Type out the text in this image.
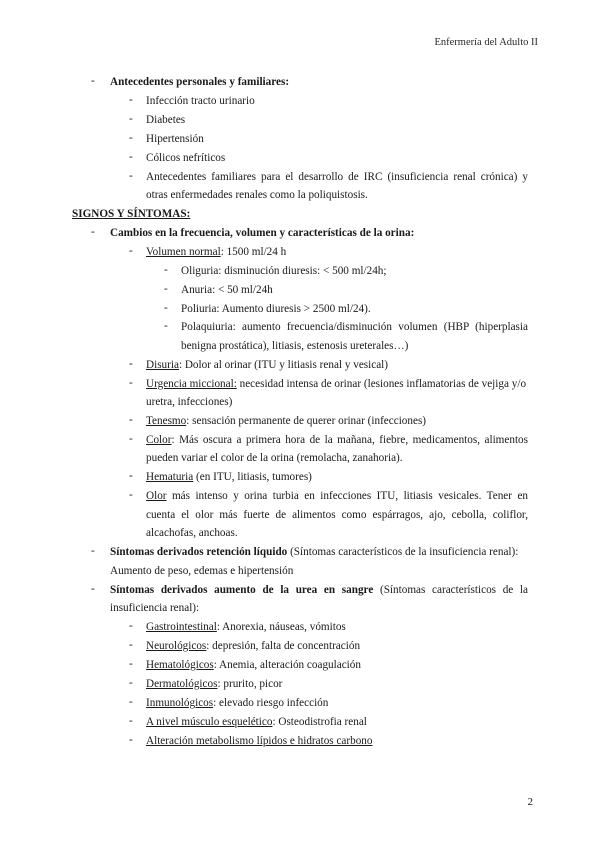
Enfermería del Adulto II
- Antecedentes personales y familiares:
- Infección tracto urinario
- Diabetes
- Hipertensión
- Cólicos nefríticos
- Antecedentes familiares para el desarrollo de IRC (insuficiencia renal crónica) y
otras enfermedades renales como la poliquistosis.
SIGNOS Y SÍNTOMAS:
- Cambios en la frecuencia, volumen y características de la orina:
- Volumen normal: 1500 ml/24 h
- Oliguria: disminución diuresis: < 500 ml/24h;
- Anuria: < 50 ml/24h
- Poliuria: Aumento diuresis > 2500 ml/24).
- Polaquiuria: aumento frecuencia/disminución volumen (HBP (hiperplasia
benigna prostática), litiasis, estenosis ureterales…)
- Disuria: Dolor al orinar (ITU y litiasis renal y vesical)
- Urgencia miccional: necesidad intensa de orinar (lesiones inflamatorias de vejiga y/o
uretra, infecciones)
- Tenesmo: sensación permanente de querer orinar (infecciones)
- Color: Más oscura a primera hora de la mañana, fiebre, medicamentos, alimentos
pueden variar el color de la orina (remolacha, zanahoria).
- Hematuria (en ITU, litiasis, tumores)
- Olor más intenso y orina turbia en infecciones ITU, litiasis vesicales. Tener en
cuenta el olor más fuerte de alimentos como espárragos, ajo, cebolla, coliflor,
alcachofas, anchoas.
- Síntomas derivados retención líquido (Síntomas característicos de la insuficiencia renal):
Aumento de peso, edemas e hipertensión
- Síntomas derivados aumento de la urea en sangre (Síntomas característicos de la
insuficiencia renal):
- Gastrointestinal: Anorexia, náuseas, vómitos
- Neurológicos: depresión, falta de concentración
- Hematológicos: Anemia, alteración coagulación
- Dermatológicos: prurito, picor
- Inmunológicos: elevado riesgo infección
- A nivel músculo esquelético: Osteodistrofia renal
- Alteración metabolismo lípidos e hidratos carbono
2
